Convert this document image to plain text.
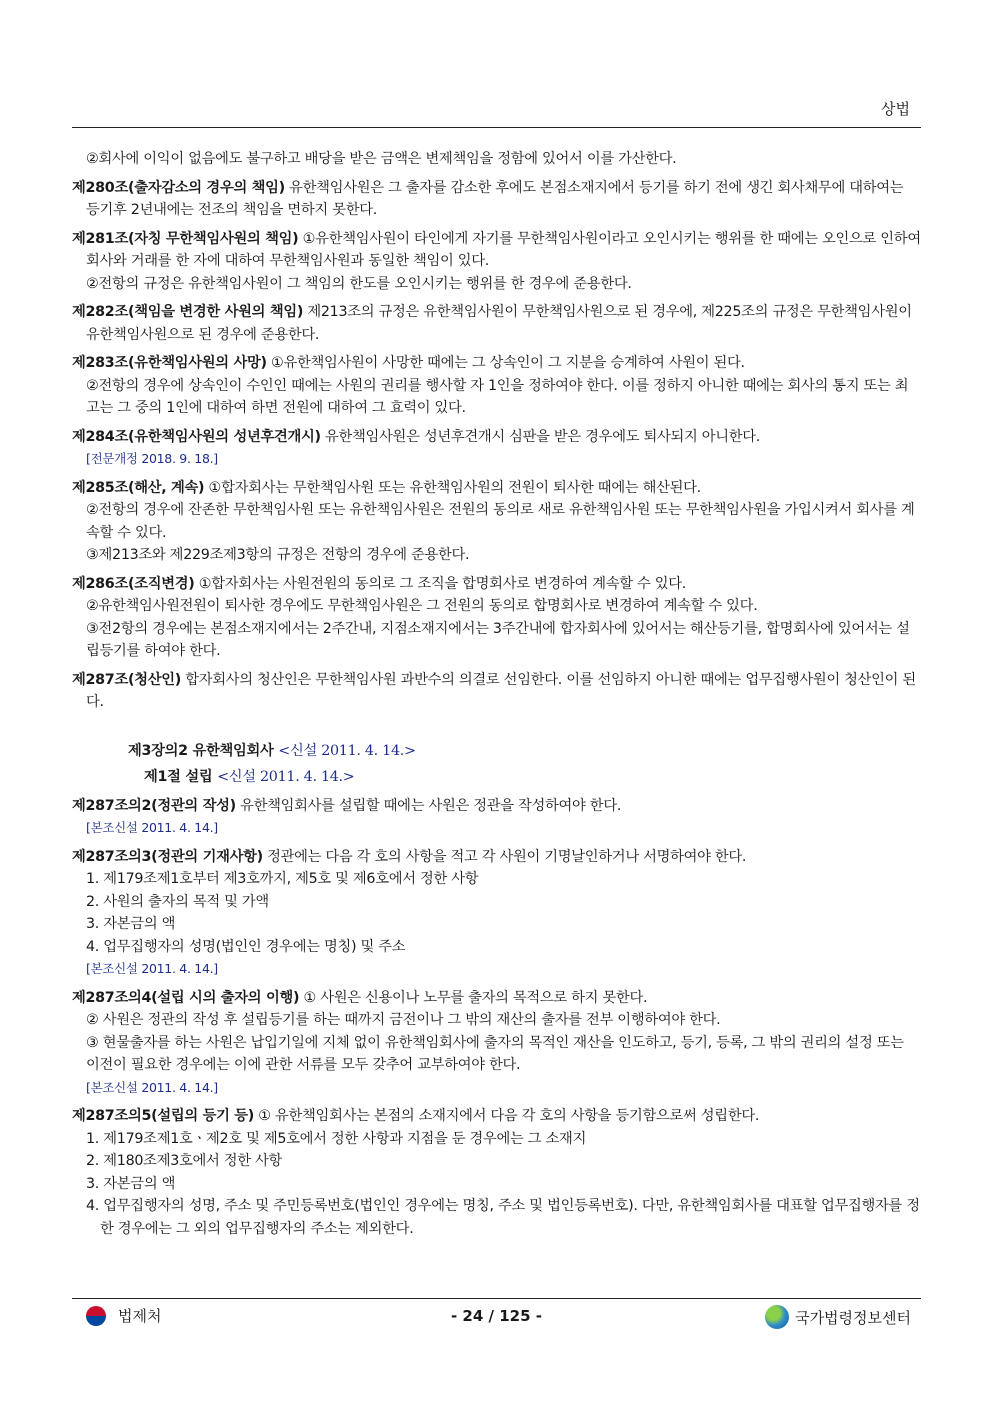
상법
②회사에 이익이 없음에도 불구하고 배당을 받은 금액은 변제책임을 정함에 있어서 이를 가산한다.
제280조(출자감소의 경우의 책임) 유한책임사원은 그 출자를 감소한 후에도 본점소재지에서 등기를 하기 전에 생긴 회사채무에 대하여는 등기후 2년내에는 전조의 책임을 면하지 못한다.
제281조(자칭 무한책임사원의 책임) ①유한책임사원이 타인에게 자기를 무한책임사원이라고 오인시키는 행위를 한 때에는 오인으로 인하여 회사와 거래를 한 자에 대하여 무한책임사원과 동일한 책임이 있다.
②전항의 규정은 유한책임사원이 그 책임의 한도를 오인시키는 행위를 한 경우에 준용한다.
제282조(책임을 변경한 사원의 책임) 제213조의 규정은 유한책임사원이 무한책임사원으로 된 경우에, 제225조의 규정은 무한책임사원이 유한책임사원으로 된 경우에 준용한다.
제283조(유한책임사원의 사망) ①유한책임사원이 사망한 때에는 그 상속인이 그 지분을 승계하여 사원이 된다.
②전항의 경우에 상속인이 수인인 때에는 사원의 권리를 행사할 자 1인을 정하여야 한다. 이를 정하지 아니한 때에는 회사의 통지 또는 최고는 그 중의 1인에 대하여 하면 전원에 대하여 그 효력이 있다.
제284조(유한책임사원의 성년후견개시) 유한책임사원은 성년후견개시 심판을 받은 경우에도 퇴사되지 아니한다.
[전문개정 2018. 9. 18.]
제285조(해산, 계속) ①합자회사는 무한책임사원 또는 유한책임사원의 전원이 퇴사한 때에는 해산된다.
②전항의 경우에 잔존한 무한책임사원 또는 유한책임사원은 전원의 동의로 새로 유한책임사원 또는 무한책임사원을 가입시켜서 회사를 계속할 수 있다.
③제213조와 제229조제3항의 규정은 전항의 경우에 준용한다.
제286조(조직변경) ①합자회사는 사원전원의 동의로 그 조직을 합명회사로 변경하여 계속할 수 있다.
②유한책임사원전원이 퇴사한 경우에도 무한책임사원은 그 전원의 동의로 합명회사로 변경하여 계속할 수 있다.
③전2항의 경우에는 본점소재지에서는 2주간내, 지점소재지에서는 3주간내에 합자회사에 있어서는 해산등기를, 합명회사에 있어서는 설립등기를 하여야 한다.
제287조(청산인) 합자회사의 청산인은 무한책임사원 과반수의 의결로 선임한다. 이를 선임하지 아니한 때에는 업무집행사원이 청산인이 된다.
제3장의2 유한책임회사 <신설 2011. 4. 14.>
제1절 설립 <신설 2011. 4. 14.>
제287조의2(정관의 작성) 유한책임회사를 설립할 때에는 사원은 정관을 작성하여야 한다.
[본조신설 2011. 4. 14.]
제287조의3(정관의 기재사항) 정관에는 다음 각 호의 사항을 적고 각 사원이 기명날인하거나 서명하여야 한다.
1. 제179조제1호부터 제3호까지, 제5호 및 제6호에서 정한 사항
2. 사원의 출자의 목적 및 가액
3. 자본금의 액
4. 업무집행자의 성명(법인인 경우에는 명칭) 및 주소
[본조신설 2011. 4. 14.]
제287조의4(설립 시의 출자의 이행) ① 사원은 신용이나 노무를 출자의 목적으로 하지 못한다.
② 사원은 정관의 작성 후 설립등기를 하는 때까지 금전이나 그 밖의 재산의 출자를 전부 이행하여야 한다.
③ 현물출자를 하는 사원은 납입기일에 지체 없이 유한책임회사에 출자의 목적인 재산을 인도하고, 등기, 등록, 그 밖의 권리의 설정 또는 이전이 필요한 경우에는 이에 관한 서류를 모두 갖추어 교부하여야 한다.
[본조신설 2011. 4. 14.]
제287조의5(설립의 등기 등) ① 유한책임회사는 본점의 소재지에서 다음 각 호의 사항을 등기함으로써 성립한다.
1. 제179조제1호ㆍ제2호 및 제5호에서 정한 사항과 지점을 둔 경우에는 그 소재지
2. 제180조제3호에서 정한 사항
3. 자본금의 액
4. 업무집행자의 성명, 주소 및 주민등록번호(법인인 경우에는 명칭, 주소 및 법인등록번호). 다만, 유한책임회사를 대표할 업무집행자를 정한 경우에는 그 외의 업무집행자의 주소는 제외한다.
법제처	- 24 / 125 -	국가법령정보센터
